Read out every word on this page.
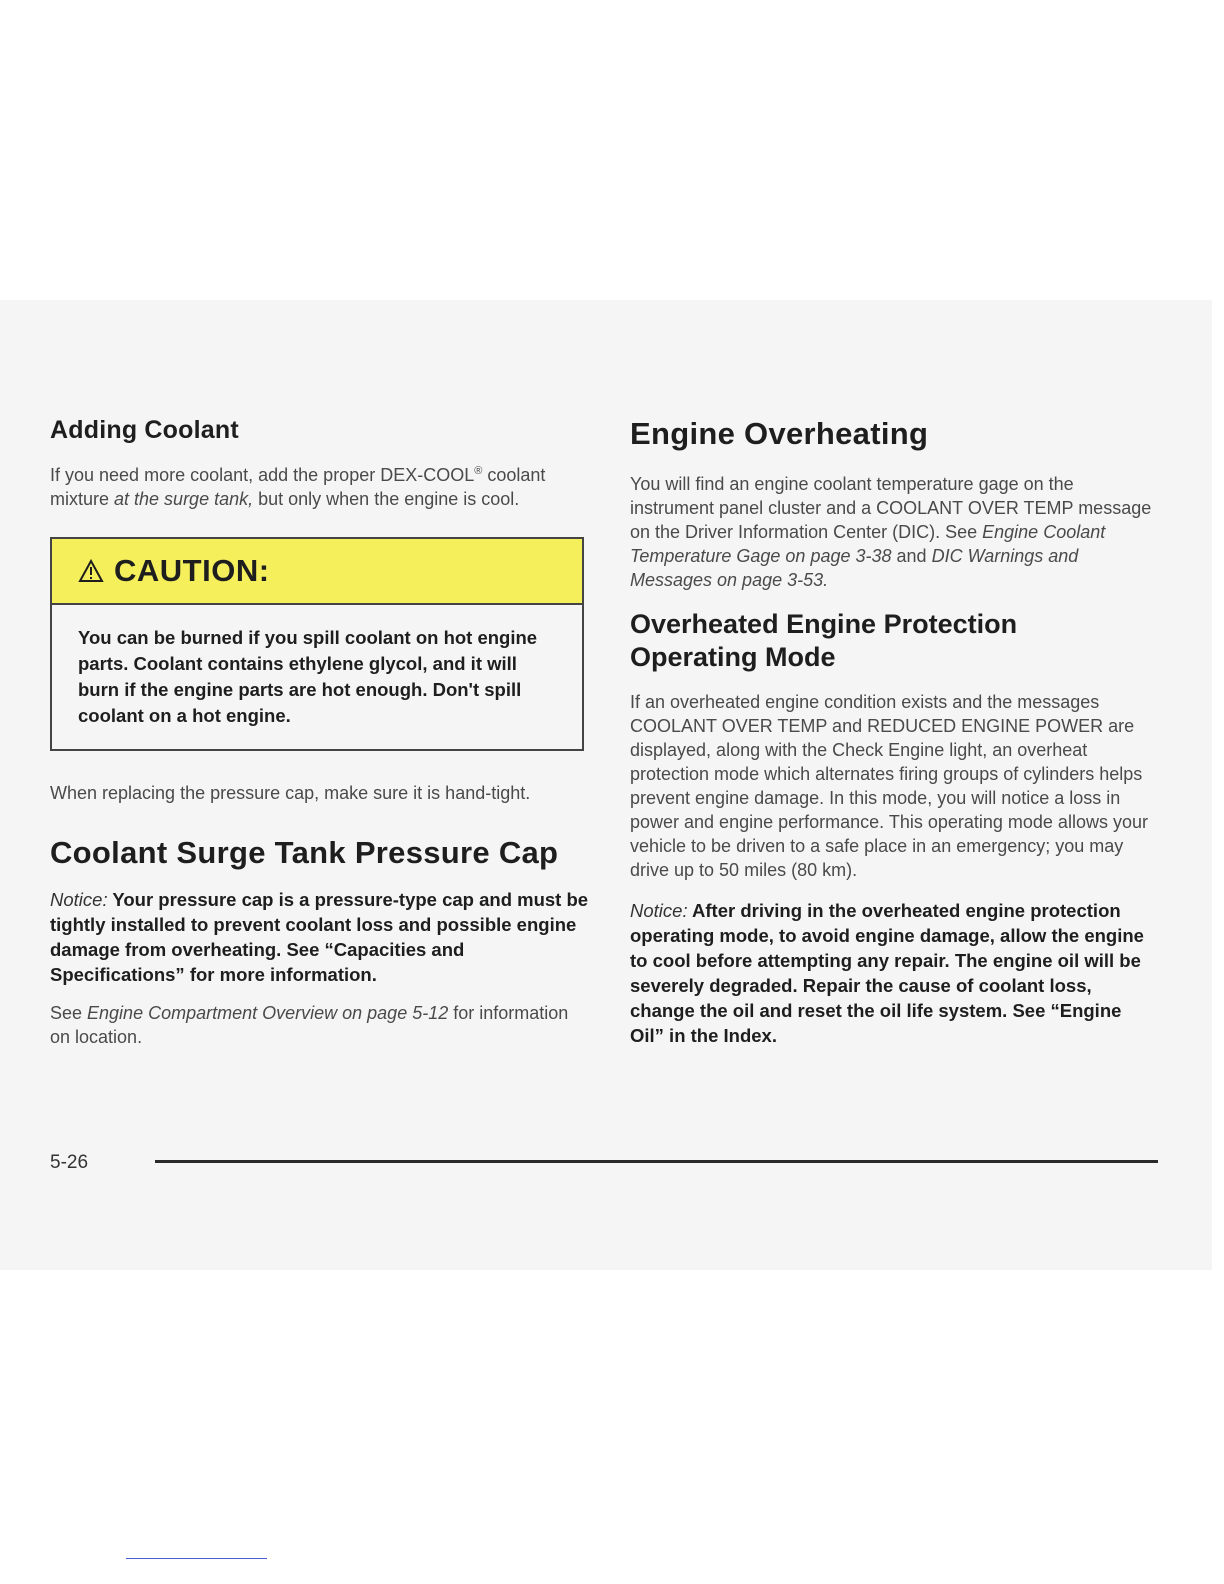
Adding Coolant

If you need more coolant, add the proper DEX-COOL® coolant mixture at the surge tank, but only when the engine is cool.

CAUTION:
You can be burned if you spill coolant on hot engine parts. Coolant contains ethylene glycol, and it will burn if the engine parts are hot enough. Don't spill coolant on a hot engine.

When replacing the pressure cap, make sure it is hand-tight.

Coolant Surge Tank Pressure Cap

Notice: Your pressure cap is a pressure-type cap and must be tightly installed to prevent coolant loss and possible engine damage from overheating. See “Capacities and Specifications” for more information.

See Engine Compartment Overview on page 5-12 for information on location.

Engine Overheating

You will find an engine coolant temperature gage on the instrument panel cluster and a COOLANT OVER TEMP message on the Driver Information Center (DIC). See Engine Coolant Temperature Gage on page 3-38 and DIC Warnings and Messages on page 3-53.

Overheated Engine Protection Operating Mode

If an overheated engine condition exists and the messages COOLANT OVER TEMP and REDUCED ENGINE POWER are displayed, along with the Check Engine light, an overheat protection mode which alternates firing groups of cylinders helps prevent engine damage. In this mode, you will notice a loss in power and engine performance. This operating mode allows your vehicle to be driven to a safe place in an emergency; you may drive up to 50 miles (80 km).

Notice: After driving in the overheated engine protection operating mode, to avoid engine damage, allow the engine to cool before attempting any repair. The engine oil will be severely degraded. Repair the cause of coolant loss, change the oil and reset the oil life system. See “Engine Oil” in the Index.

5-26
